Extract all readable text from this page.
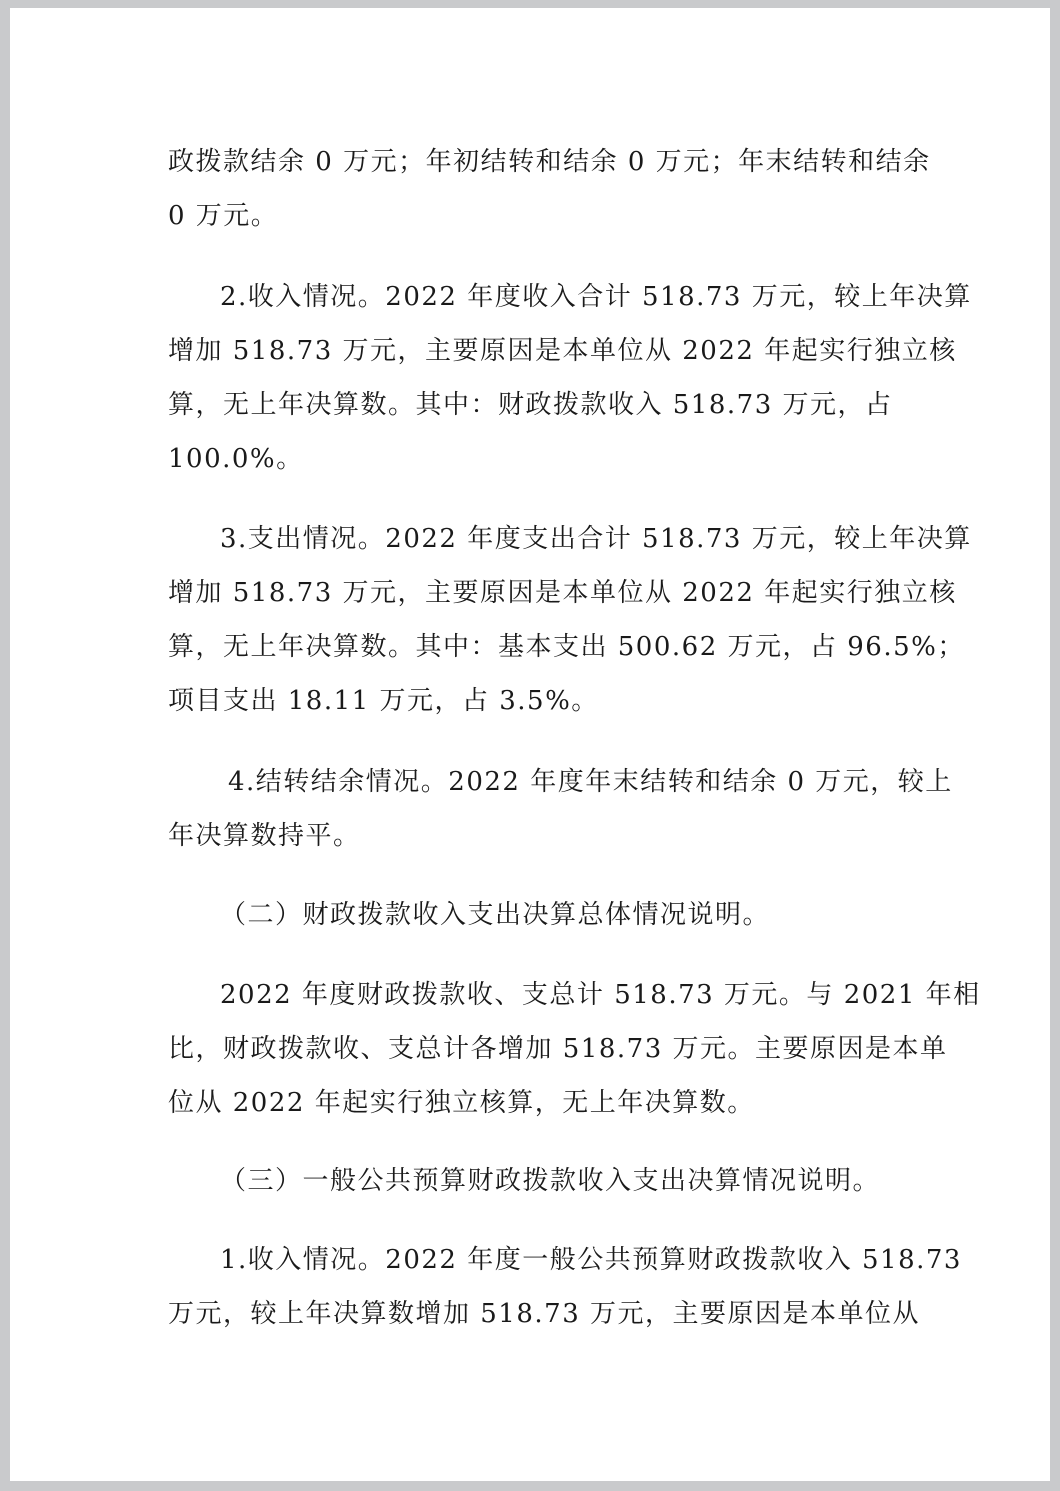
政拨款结余 0 万元；年初结转和结余 0 万元；年末结转和结余
0 万元。

2.收入情况。2022 年度收入合计 518.73 万元，较上年决算
增加 518.73 万元，主要原因是本单位从 2022 年起实行独立核
算，无上年决算数。其中：财政拨款收入 518.73 万元，占
100.0%。

3.支出情况。2022 年度支出合计 518.73 万元，较上年决算
增加 518.73 万元，主要原因是本单位从 2022 年起实行独立核
算，无上年决算数。其中：基本支出 500.62 万元，占 96.5%；
项目支出 18.11 万元，占 3.5%。

4.结转结余情况。2022 年度年末结转和结余 0 万元，较上
年决算数持平。

（二）财政拨款收入支出决算总体情况说明。

2022 年度财政拨款收、支总计 518.73 万元。与 2021 年相
比，财政拨款收、支总计各增加 518.73 万元。主要原因是本单
位从 2022 年起实行独立核算，无上年决算数。

（三）一般公共预算财政拨款收入支出决算情况说明。

1.收入情况。2022 年度一般公共预算财政拨款收入 518.73
万元，较上年决算数增加 518.73 万元，主要原因是本单位从
